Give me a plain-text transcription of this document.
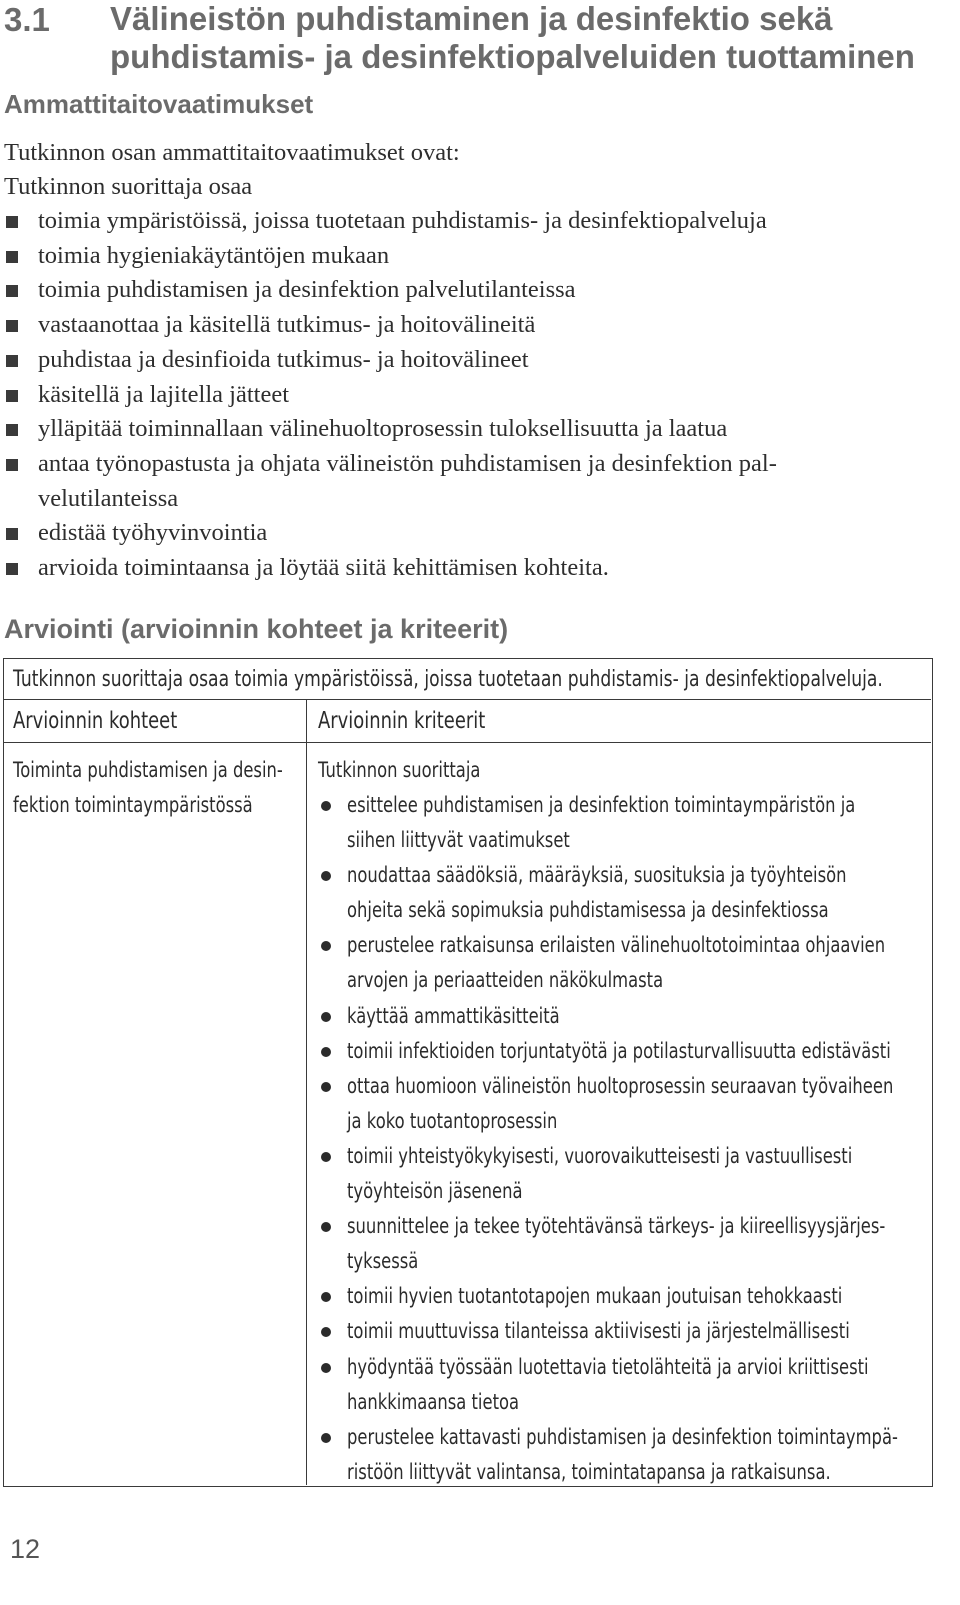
3.1 Välineistön puhdistaminen ja desinfektio sekä
puhdistamis- ja desinfektiopalveluiden tuottaminen
Ammattitaitovaatimukset
Tutkinnon osan ammattitaitovaatimukset ovat:
Tutkinnon suorittaja osaa
toimia ympäristöissä, joissa tuotetaan puhdistamis- ja desinfektiopalveluja
toimia hygieniakäytäntöjen mukaan
toimia puhdistamisen ja desinfektion palvelutilanteissa
vastaanottaa ja käsitellä tutkimus- ja hoitovälineitä
puhdistaa ja desinfioida tutkimus- ja hoitovälineet
käsitellä ja lajitella jätteet
ylläpitää toiminnallaan välinehuoltoprosessin tuloksellisuutta ja laatua
antaa työnopastusta ja ohjata välineistön puhdistamisen ja desinfektion pal-
velutilanteissa
edistää työhyvinvointia
arvioida toimintaansa ja löytää siitä kehittämisen kohteita.
Arviointi (arvioinnin kohteet ja kriteerit)
Tutkinnon suorittaja osaa toimia ympäristöissä, joissa tuotetaan puhdistamis- ja desinfektiopalveluja.
Arvioinnin kohteet	Arvioinnin kriteerit
Toiminta puhdistamisen ja desin-
fektion toimintaympäristössä
Tutkinnon suorittaja
esittelee puhdistamisen ja desinfektion toimintaympäristön ja
siihen liittyvät vaatimukset
noudattaa säädöksiä, määräyksiä, suosituksia ja työyhteisön
ohjeita sekä sopimuksia puhdistamisessa ja desinfektiossa
perustelee ratkaisunsa erilaisten välinehuoltotoimintaa ohjaavien
arvojen ja periaatteiden näkökulmasta
käyttää ammattikäsitteitä
toimii infektioiden torjuntatyötä ja potilasturvallisuutta edistävästi
ottaa huomioon välineistön huoltoprosessin seuraavan työvaiheen
ja koko tuotantoprosessin
toimii yhteistyökykyisesti, vuorovaikutteisesti ja vastuullisesti
työyhteisön jäsenenä
suunnittelee ja tekee työtehtävänsä tärkeys- ja kiireellisyysjärjes-
tyksessä
toimii hyvien tuotantotapojen mukaan joutuisan tehokkaasti
toimii muuttuvissa tilanteissa aktiivisesti ja järjestelmällisesti
hyödyntää työssään luotettavia tietolähteitä ja arvioi kriittisesti
hankkimaansa tietoa
perustelee kattavasti puhdistamisen ja desinfektion toimintaympä-
ristöön liittyvät valintansa, toimintatapansa ja ratkaisunsa.
12
